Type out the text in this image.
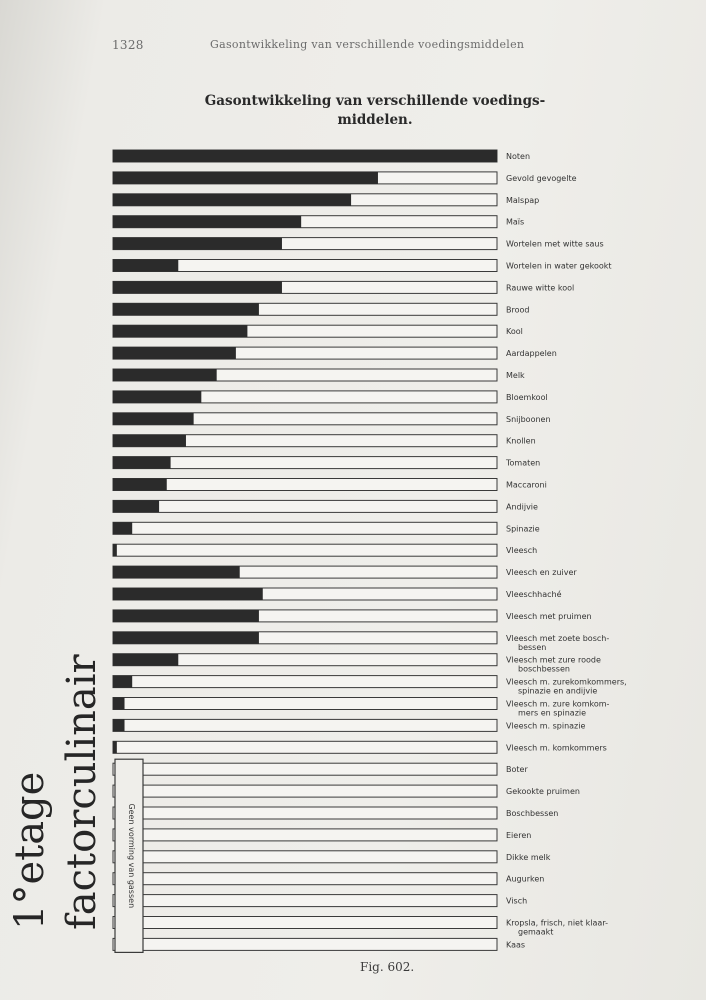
1328	Gasontwikkeling van verschillende voedingsmiddelen
Gasontwikkeling van verschillende voedings-
middelen.
Noten
Gevold gevogelte
Malspap
Maïs
Wortelen met witte saus
Wortelen in water gekookt
Rauwe witte kool
Brood
Kool
Aardappelen
Melk
Bloemkool
Snijboonen
Knollen
Tomaten
Maccaroni
Andijvie
Spinazie
Vleesch
Vleesch en zuiver
Vleeschhaché
Vleesch met pruimen
Vleesch met zoete bosch-bessen
Vleesch met zure roode boschbessen
Vleesch m. zurekomkommers, spinazie en andijvie
Vleesch m. zure komkom-mers en spinazie
Vleesch m. spinazie
Vleesch m. komkommers
Boter
Gekookte pruimen
Boschbessen
Eieren
Dikke melk
Augurken
Visch
Kropsla, frisch, niet klaar-gemaakt
Kaas
Geen vorming van gassen
1°etage factorculinair
Fig. 602.
